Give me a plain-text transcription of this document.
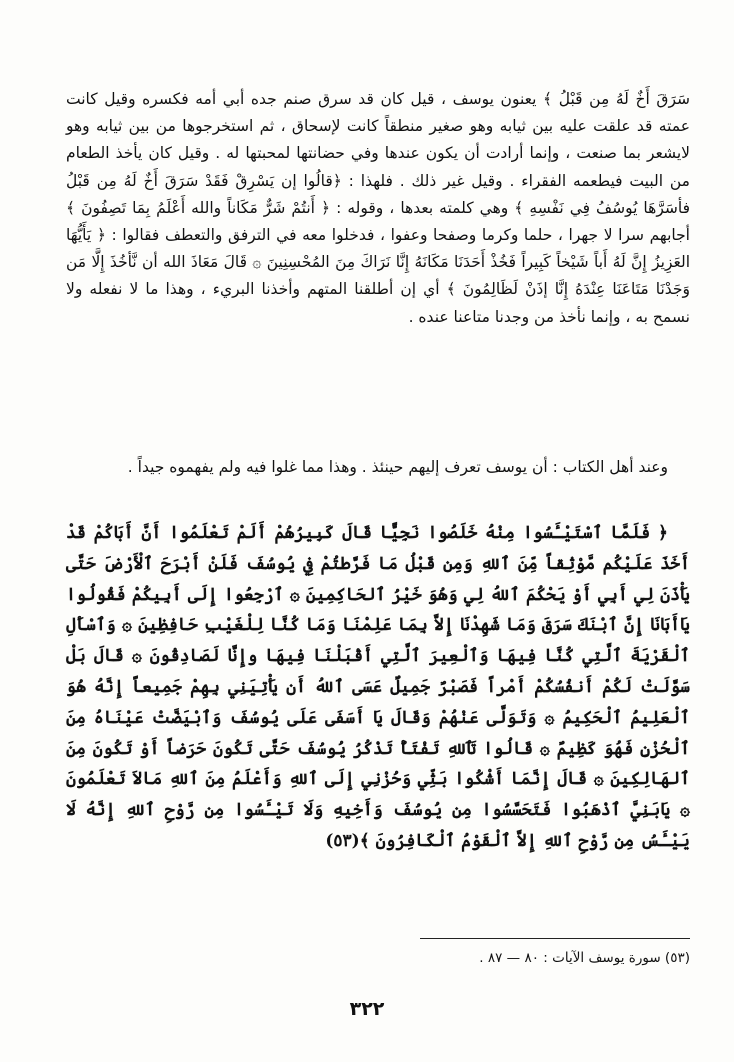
سَرَقَ أَخٌ لَهُ مِن قَبْلُ ﴾ يعنون يوسف ، قيل كان قد سرق صنم جده أبي أمه فكسره وقيل كانت عمته قد علقت عليه بين ثيابه وهو صغير منطقاً كانت لإسحاق ، ثم استخرجوها من بين ثيابه وهو لايشعر بما صنعت ، وإنما أرادت أن يكون عندها وفي حضانتها لمحبتها له . وقيل كان يأخذ الطعام من البيت فيطعمه الفقراء . وقيل غير ذلك . فلهذا : ﴿قالُوا إن يَسْرِقْ فَقَدْ سَرَقَ أَخٌ لَهُ مِن قَبْلُ فأسَرَّهَا يُوسُفُ فِي نَفْسِهِ ﴾ وهي كلمته بعدها ، وقوله : ﴿ أَنتُمْ شَرٌّ مَكَاناً والله أَعْلَمُ بِمَا تَصِفُونَ ﴾ أجابهم سرا لا جهرا ، حلما وكرما وصفحا وعفوا ، فدخلوا معه في الترفق والتعطف فقالوا : ﴿ يَأَيُّهَا العَزِيزُ إِنَّ لَهُ أَباً شَيْخاً كَبِيراً فَخُذْ أَحَدَنَا مَكَانَهُ إِنَّا نَرَاكَ مِنَ المُحْسِنِينَ ۞ قَالَ مَعَاذَ الله أن نَّأخُذَ إِلَّا مَن وَجَدْنَا مَتَاعَنَا عِنْدَهُ إِنَّا إذَنْ لَظَالِمُونَ ﴾ أي إن أطلقنا المتهم وأخذنا البريء ، وهذا ما لا نفعله ولا نسمح به ، وإنما نأخذ من وجدنا متاعنا عنده .

وعند أهل الكتاب : أن يوسف تعرف إليهم حينئذ . وهذا مما غلوا فيه ولم يفهموه جيداً .

﴿ فَلَمَّا ٱسْتَيْـَٔسُوا مِنْهُ خَلَصُوا نَجِيًّا قَالَ كَبِيرُهُمْ أَلَمْ تَعْلَمُوا أَنَّ أَبَاكُمْ قَدْ أَخَذَ عَلَيْكُم مَّوْثِقاً مِّنَ ٱللهِ وَمِن قَبْلُ مَا فَرَّطتُمْ فِي يُوسُفَ فَلَنْ أَبْرَحَ ٱلْأَرْضَ حَتَّى يَأْذَنَ لِي أَبِي أَوْ يَحْكُمَ ٱللهُ لِي وَهُوَ خَيْرُ ٱلحَاكِمِينَ ۞ ٱرْجِعُوا إِلَى أَبِيكُمْ فَقُولُوا يَاأَبَانَا إِنَّ ٱبْنَكَ سَرَقَ وَمَا شَهِدْنَا إِلاَّ بِمَا عَلِمْنَا وَمَا كُنَّا لِلْغَيْبِ حَافِظِينَ ۞ وَٱسْأَلِ ٱلْقَرْيَةَ ٱلَّتِي كُنَّا فِيهَا وَٱلْعِيرَ ٱلَّتِي أَقْبَلْنَا فِيهَا وإِنَّا لَصَادِقُونَ ۞ قَالَ بَلْ سَوَّلَتْ لَكُمْ أَنفُسُكُمْ أَمْراً فَصَبْرٌ جَمِيلٌ عَسَى ٱللهُ أَن يَأْتِيَنِي بِهِمْ جَمِيعاً إِنَّهُ هُوَ ٱلْعَلِيمُ ٱلْحَكِيمُ ۞ وَتَوَلَّى عَنْهُمْ وَقَالَ يَا أَسَفَى عَلَى يُوسُفَ وَٱبْيَضَّتْ عَيْنَاهُ مِنَ ٱلْحُزْنِ فَهُوَ كَظِيمٌ ۞ قَالُوا تَٱللهِ تَفْتَأُ تَذْكُرُ يُوسُفَ حَتَّى تَكُونَ حَرَضاً أَوْ تَكُونَ مِنَ ٱلهَالِكِينَ ۞ قَالَ إِنَّمَا أَشْكُوا بَثِّي وَحُزْنِي إِلَى ٱللهِ وَأَعْلَمُ مِنَ ٱللهِ مَالاَ تَعْلَمُونَ ۞ يَابَنِيَّ ٱذْهَبُوا فَتَحَسَّسُوا مِن يُوسُفَ وَأَخِيهِ وَلَا تَيْـَٔسُوا مِن رَّوْحِ ٱللهِ إِنَّهُ لَا يَيْـَٔسُ مِن رَّوْحِ ٱللهِ إِلاَّ ٱلْقَوْمُ ٱلْكَافِرُونَ ﴾(٥٣)

(٥٣) سورة يوسف الآيات : ٨٠ — ٨٧ .
٣٢٢
